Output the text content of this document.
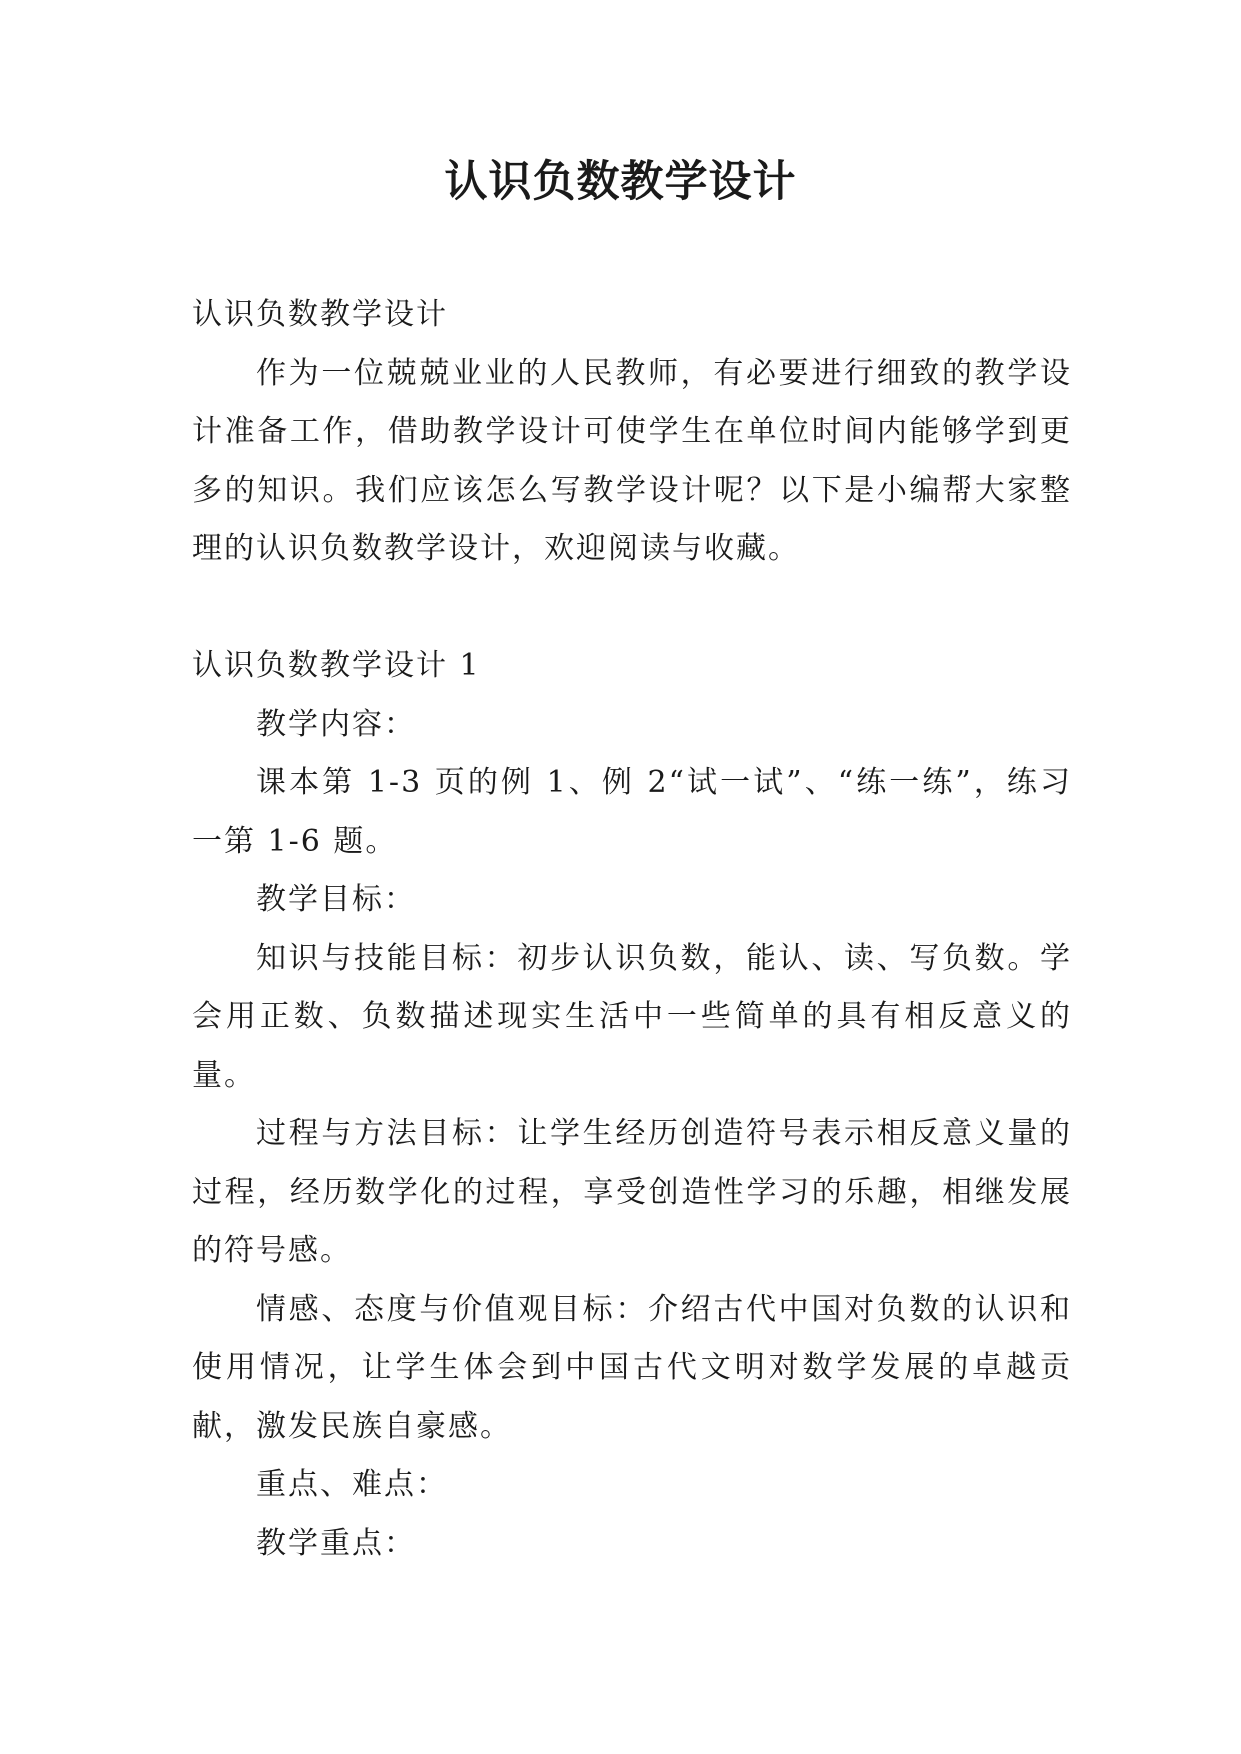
认识负数教学设计

认识负数教学设计

作为一位兢兢业业的人民教师，有必要进行细致的教学设计准备工作，借助教学设计可使学生在单位时间内能够学到更多的知识。我们应该怎么写教学设计呢？以下是小编帮大家整理的认识负数教学设计，欢迎阅读与收藏。

认识负数教学设计 1

教学内容：

课本第 1-3 页的例 1、例 2“试一试”、“练一练”，练习一第 1-6 题。

教学目标：

知识与技能目标：初步认识负数，能认、读、写负数。学会用正数、负数描述现实生活中一些简单的具有相反意义的量。

过程与方法目标：让学生经历创造符号表示相反意义量的过程，经历数学化的过程，享受创造性学习的乐趣，相继发展的符号感。

情感、态度与价值观目标：介绍古代中国对负数的认识和使用情况，让学生体会到中国古代文明对数学发展的卓越贡献，激发民族自豪感。

重点、难点：

教学重点：
